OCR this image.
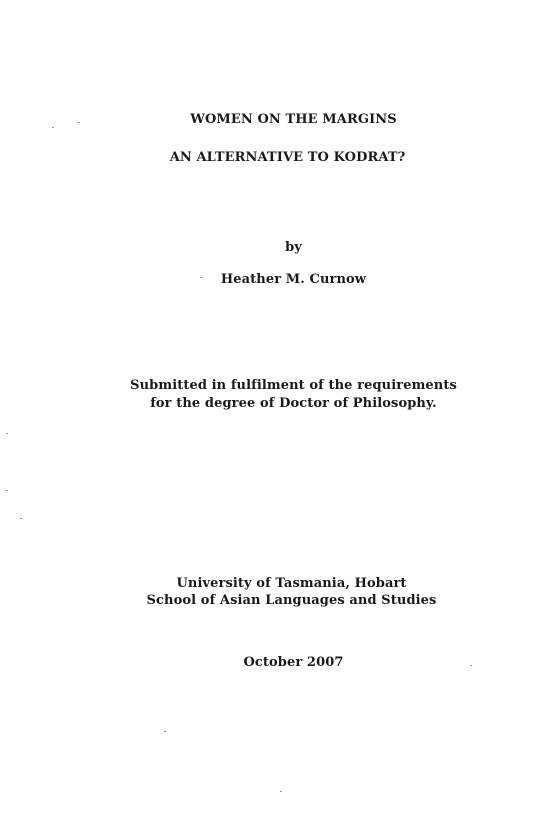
WOMEN ON THE MARGINS
AN ALTERNATIVE TO KODRAT?
by
Heather M. Curnow
Submitted in fulfilment of the requirements
for the degree of Doctor of Philosophy.
University of Tasmania, Hobart
School of Asian Languages and Studies
October 2007
